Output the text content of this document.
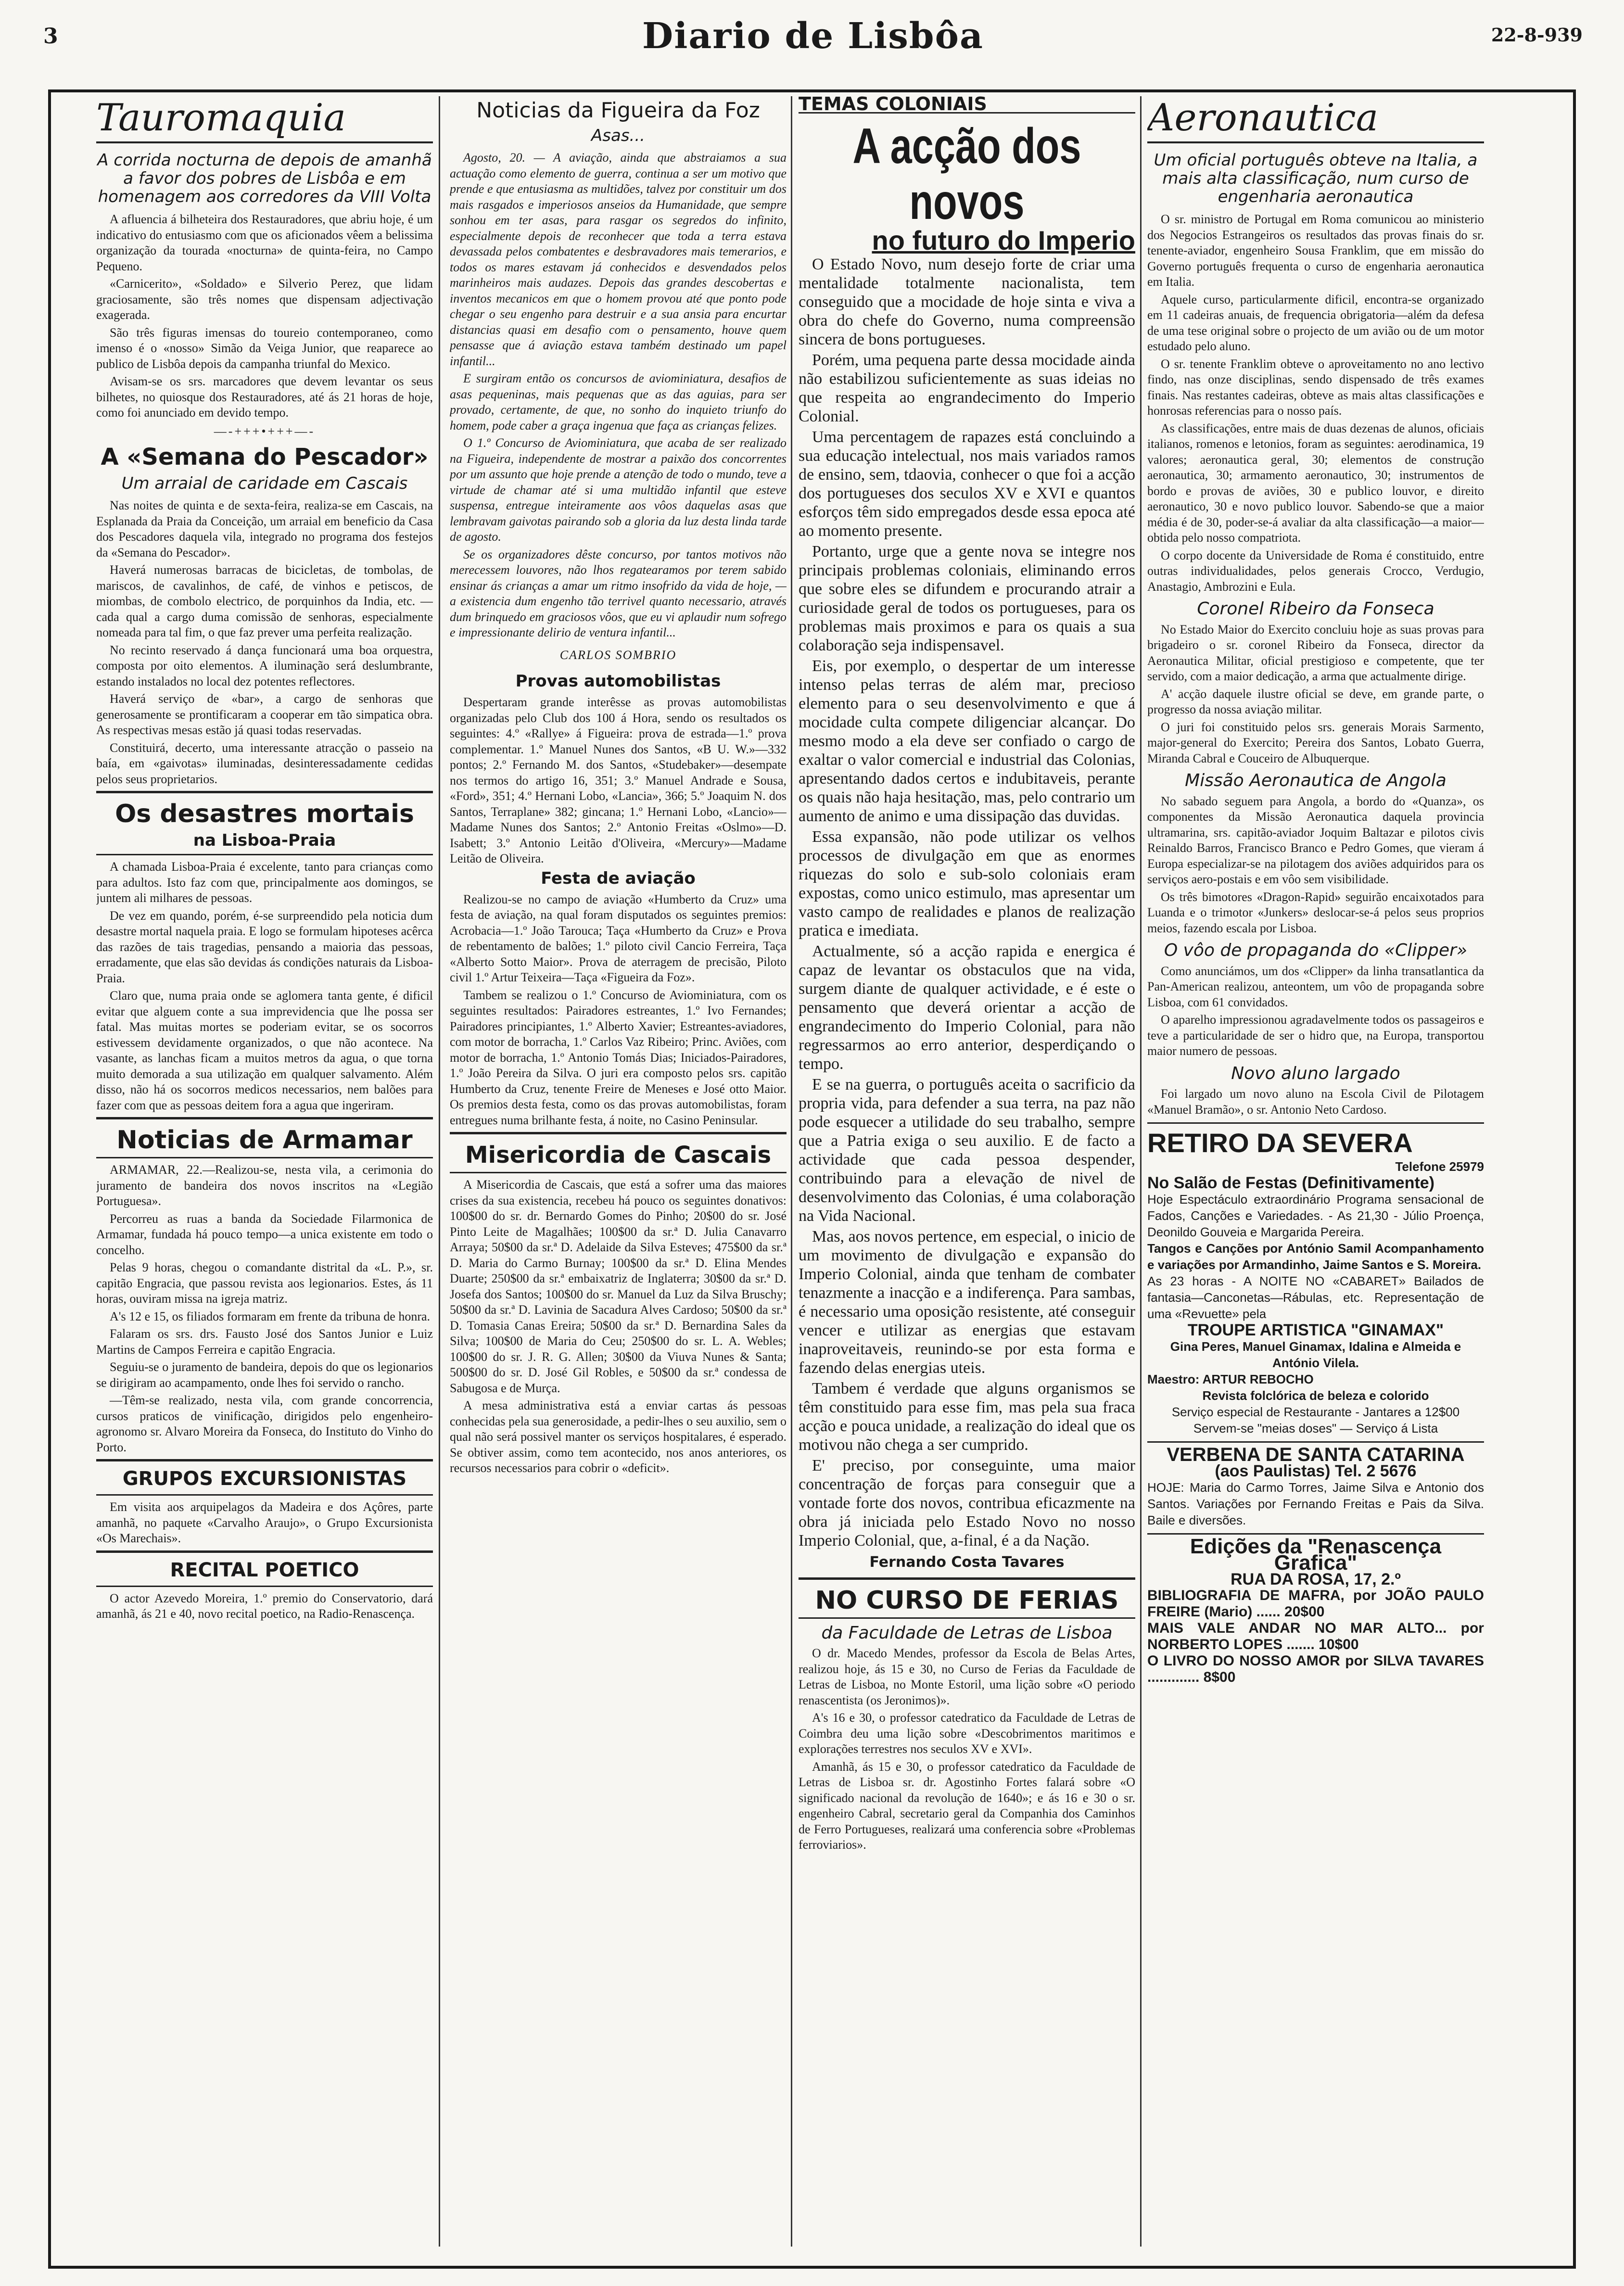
3	Diario de Lisbôa	22-8-939
Tauromaquia
A corrida nocturna de depois de amanhã a favor dos pobres de Lisbôa e em homenagem aos corredores da VIII Volta

A afluencia á bilheteira dos Restauradores, que abriu hoje, é um indicativo do entusiasmo com que os aficionados vêem a belissima organização da tourada «nocturna» de quinta-feira, no Campo Pequeno.

«Carnicerito», «Soldado» e Silverio Perez, que lidam graciosamente, são três nomes que dispensam adjectivação exagerada.

São três figuras imensas do toureio contemporaneo, como imenso é o «nosso» Simão da Veiga Junior, que reaparece ao publico de Lisbôa depois da campanha triunfal do Mexico.

Avisam-se os srs. marcadores que devem levantar os seus bilhetes, no quiosque dos Restauradores, até ás 21 horas de hoje, como foi anunciado em devido tempo.

—-+++•+++—-
A «Semana do Pescador»
Um arraial de caridade em Cascais

Nas noites de quinta e de sexta-feira, realiza-se em Cascais, na Esplanada da Praia da Conceição, um arraial em beneficio da Casa dos Pescadores daquela vila, integrado no programa dos festejos da «Semana do Pescador».

Haverá numerosas barracas de bicicletas, de tombolas, de mariscos, de cavalinhos, de café, de vinhos e petiscos, de miombas, de combolo electrico, de porquinhos da India, etc. — cada qual a cargo duma comissão de senhoras, especialmente nomeada para tal fim, o que faz prever uma perfeita realização.

No recinto reservado á dança funcionará uma boa orquestra, composta por oito elementos. A iluminação será deslumbrante, estando instalados no local dez potentes reflectores.

Haverá serviço de «bar», a cargo de senhoras que generosamente se prontificaram a cooperar em tão simpatica obra. As respectivas mesas estão já quasi todas reservadas.

Constituirá, decerto, uma interessante atracção o passeio na baía, em «gaivotas» iluminadas, desinteressadamente cedidas pelos seus proprietarios.

Os desastres mortais
na Lisboa-Praia

A chamada Lisboa-Praia é excelente, tanto para crianças como para adultos. Isto faz com que, principalmente aos domingos, se juntem ali milhares de pessoas.

De vez em quando, porém, é-se surpreendido pela noticia dum desastre mortal naquela praia. E logo se formulam hipoteses acêrca das razões de tais tragedias, pensando a maioria das pessoas, erradamente, que elas são devidas ás condições naturais da Lisboa-Praia.

Claro que, numa praia onde se aglomera tanta gente, é dificil evitar que alguem conte a sua imprevidencia que lhe possa ser fatal. Mas muitas mortes se poderiam evitar, se os socorros estivessem devidamente organizados, o que não acontece. Na vasante, as lanchas ficam a muitos metros da agua, o que torna muito demorada a sua utilização em qualquer salvamento. Além disso, não há os socorros medicos necessarios, nem balões para fazer com que as pessoas deitem fora a agua que ingeriram.

Noticias de Armamar

ARMAMAR, 22.—Realizou-se, nesta vila, a cerimonia do juramento de bandeira dos novos inscritos na «Legião Portuguesa».

Percorreu as ruas a banda da Sociedade Filarmonica de Armamar, fundada há pouco tempo—a unica existente em todo o concelho.

Pelas 9 horas, chegou o comandante distrital da «L. P.», sr. capitão Engracia, que passou revista aos legionarios. Estes, ás 11 horas, ouviram missa na igreja matriz.

A's 12 e 15, os filiados formaram em frente da tribuna de honra.

Falaram os srs. drs. Fausto José dos Santos Junior e Luiz Martins de Campos Ferreira e capitão Engracia.

Seguiu-se o juramento de bandeira, depois do que os legionarios se dirigiram ao acampamento, onde lhes foi servido o rancho.

—Têm-se realizado, nesta vila, com grande concorrencia, cursos praticos de vinificação, dirigidos pelo engenheiro-agronomo sr. Alvaro Moreira da Fonseca, do Instituto do Vinho do Porto.

GRUPOS EXCURSIONISTAS

Em visita aos arquipelagos da Madeira e dos Açôres, parte amanhã, no paquete «Carvalho Araujo», o Grupo Excursionista «Os Marechais».

RECITAL POETICO

O actor Azevedo Moreira, 1.º premio do Conservatorio, dará amanhã, ás 21 e 40, novo recital poetico, na Radio-Renascença.

Noticias da Figueira da Foz
Asas...

Agosto, 20. — A aviação, ainda que abstraiamos a sua actuação como elemento de guerra, continua a ser um motivo que prende e que entusiasma as multidões, talvez por constituir um dos mais rasgados e imperiosos anseios da Humanidade, que sempre sonhou em ter asas, para rasgar os segredos do infinito, especialmente depois de reconhecer que toda a terra estava devassada pelos combatentes e desbravadores mais temerarios, e todos os mares estavam já conhecidos e desvendados pelos marinheiros mais audazes. Depois das grandes descobertas e inventos mecanicos em que o homem provou até que ponto pode chegar o seu engenho para destruir e a sua ansia para encurtar distancias quasi em desafio com o pensamento, houve quem pensasse que á aviação estava também destinado um papel infantil...

E surgiram então os concursos de aviominiatura, desafios de asas pequeninas, mais pequenas que as das aguias, para ser provado, certamente, de que, no sonho do inquieto triunfo do homem, pode caber a graça ingenua que faça as crianças felizes.

O 1.º Concurso de Aviominiatura, que acaba de ser realizado na Figueira, independente de mostrar a paixão dos concorrentes por um assunto que hoje prende a atenção de todo o mundo, teve a virtude de chamar até si uma multidão infantil que esteve suspensa, entregue inteiramente aos vôos daquelas asas que lembravam gaivotas pairando sob a gloria da luz desta linda tarde de agosto.

Se os organizadores dêste concurso, por tantos motivos não merecessem louvores, não lhos regatearamos por terem sabido ensinar ás crianças a amar um ritmo insofrido da vida de hoje, —a existencia dum engenho tão terrivel quanto necessario, através dum brinquedo em graciosos vôos, que eu vi aplaudir num sofrego e impressionante delirio de ventura infantil...

CARLOS SOMBRIO
Provas automobilistas

Despertaram grande interêsse as provas automobilistas organizadas pelo Club dos 100 á Hora, sendo os resultados os seguintes: 4.º «Rallye» á Figueira: prova de estrada—1.º prova complementar. 1.º Manuel Nunes dos Santos, «B U. W.»—332 pontos; 2.º Fernando M. dos Santos, «Studebaker»—desempate nos termos do artigo 16, 351; 3.º Manuel Andrade e Sousa, «Ford», 351; 4.º Hernani Lobo, «Lancia», 366; 5.º Joaquim N. dos Santos, Terraplane» 382; gincana; 1.º Hernani Lobo, «Lancio»—Madame Nunes dos Santos; 2.º Antonio Freitas «Oslmo»—D. Isabett; 3.º Antonio Leitão d'Oliveira, «Mercury»—Madame Leitão de Oliveira.

Festa de aviação

Realizou-se no campo de aviação «Humberto da Cruz» uma festa de aviação, na qual foram disputados os seguintes premios: Acrobacia—1.º João Tarouca; Taça «Humberto da Cruz» e Prova de rebentamento de balões; 1.º piloto civil Cancio Ferreira, Taça «Alberto Sotto Maior». Prova de aterragem de precisão, Piloto civil 1.º Artur Teixeira—Taça «Figueira da Foz».

Tambem se realizou o 1.º Concurso de Aviominiatura, com os seguintes resultados: Pairadores estreantes, 1.º Ivo Fernandes; Pairadores principiantes, 1.º Alberto Xavier; Estreantes-aviadores, com motor de borracha, 1.º Carlos Vaz Ribeiro; Princ. Aviões, com motor de borracha, 1.º Antonio Tomás Dias; Iniciados-Pairadores, 1.º João Pereira da Silva. O juri era composto pelos srs. capitão Humberto da Cruz, tenente Freire de Meneses e José otto Maior. Os premios desta festa, como os das provas automobilistas, foram entregues numa brilhante festa, á noite, no Casino Peninsular.

Misericordia de Cascais

A Misericordia de Cascais, que está a sofrer uma das maiores crises da sua existencia, recebeu há pouco os seguintes donativos: 100$00 do sr. dr. Bernardo Gomes do Pinho; 20$00 do sr. José Pinto Leite de Magalhães; 100$00 da sr.ª D. Julia Canavarro Arraya; 50$00 da sr.ª D. Adelaide da Silva Esteves; 475$00 da sr.ª D. Maria do Carmo Burnay; 100$00 da sr.ª D. Elina Mendes Duarte; 250$00 da sr.ª embaixatriz de Inglaterra; 30$00 da sr.ª D. Josefa dos Santos; 100$00 do sr. Manuel da Luz da Silva Bruschy; 50$00 da sr.ª D. Lavinia de Sacadura Alves Cardoso; 50$00 da sr.ª D. Tomasia Canas Ereira; 50$00 da sr.ª D. Bernardina Sales da Silva; 100$00 de Maria do Ceu; 250$00 do sr. L. A. Webles; 100$00 do sr. J. R. G. Allen; 30$00 da Viuva Nunes & Santa; 500$00 do sr. D. José Gil Robles, e 50$00 da sr.ª condessa de Sabugosa e de Murça.

A mesa administrativa está a enviar cartas ás pessoas conhecidas pela sua generosidade, a pedir-lhes o seu auxilio, sem o qual não será possivel manter os serviços hospitalares, é esperado. Se obtiver assim, como tem acontecido, nos anos anteriores, os recursos necessarios para cobrir o «deficit».

TEMAS COLONIAIS
A acção dos novos
no futuro do Imperio

O Estado Novo, num desejo forte de criar uma mentalidade totalmente nacionalista, tem conseguido que a mocidade de hoje sinta e viva a obra do chefe do Governo, numa compreensão sincera de bons portugueses.

Porém, uma pequena parte dessa mocidade ainda não estabilizou suficientemente as suas ideias no que respeita ao engrandecimento do Imperio Colonial.

Uma percentagem de rapazes está concluindo a sua educação intelectual, nos mais variados ramos de ensino, sem, tdaovia, conhecer o que foi a acção dos portugueses dos seculos XV e XVI e quantos esforços têm sido empregados desde essa epoca até ao momento presente.

Portanto, urge que a gente nova se integre nos principais problemas coloniais, eliminando erros que sobre eles se difundem e procurando atrair a curiosidade geral de todos os portugueses, para os problemas mais proximos e para os quais a sua colaboração seja indispensavel.

Eis, por exemplo, o despertar de um interesse intenso pelas terras de além mar, precioso elemento para o seu desenvolvimento e que á mocidade culta compete diligenciar alcançar. Do mesmo modo a ela deve ser confiado o cargo de exaltar o valor comercial e industrial das Colonias, apresentando dados certos e indubitaveis, perante os quais não haja hesitação, mas, pelo contrario um aumento de animo e uma dissipação das duvidas.

Essa expansão, não pode utilizar os velhos processos de divulgação em que as enormes riquezas do solo e sub-solo coloniais eram expostas, como unico estimulo, mas apresentar um vasto campo de realidades e planos de realização pratica e imediata.

Actualmente, só a acção rapida e energica é capaz de levantar os obstaculos que na vida, surgem diante de qualquer actividade, e é este o pensamento que deverá orientar a acção de engrandecimento do Imperio Colonial, para não regressarmos ao erro anterior, desperdiçando o tempo.

E se na guerra, o português aceita o sacrificio da propria vida, para defender a sua terra, na paz não pode esquecer a utilidade do seu trabalho, sempre que a Patria exiga o seu auxilio. E de facto a actividade que cada pessoa despender, contribuindo para a elevação de nivel de desenvolvimento das Colonias, é uma colaboração na Vida Nacional.

Mas, aos novos pertence, em especial, o inicio de um movimento de divulgação e expansão do Imperio Colonial, ainda que tenham de combater tenazmente a inacção e a indiferença. Para sambas, é necessario uma oposição resistente, até conseguir vencer e utilizar as energias que estavam inaproveitaveis, reunindo-se por esta forma e fazendo delas energias uteis.

Tambem é verdade que alguns organismos se têm constituido para esse fim, mas pela sua fraca acção e pouca unidade, a realização do ideal que os motivou não chega a ser cumprido.

E' preciso, por conseguinte, uma maior concentração de forças para conseguir que a vontade forte dos novos, contribua eficazmente na obra já iniciada pelo Estado Novo no nosso Imperio Colonial, que, a-final, é a da Nação.

Fernando Costa Tavares
NO CURSO DE FERIAS
da Faculdade de Letras de Lisboa

O dr. Macedo Mendes, professor da Escola de Belas Artes, realizou hoje, ás 15 e 30, no Curso de Ferias da Faculdade de Letras de Lisboa, no Monte Estoril, uma lição sobre «O periodo renascentista (os Jeronimos)».

A's 16 e 30, o professor catedratico da Faculdade de Letras de Coimbra deu uma lição sobre «Descobrimentos maritimos e explorações terrestres nos seculos XV e XVI».

Amanhã, ás 15 e 30, o professor catedratico da Faculdade de Letras de Lisboa sr. dr. Agostinho Fortes falará sobre «O significado nacional da revolução de 1640»; e ás 16 e 30 o sr. engenheiro Cabral, secretario geral da Companhia dos Caminhos de Ferro Portugueses, realizará uma conferencia sobre «Problemas ferroviarios».

Aeronautica
Um oficial português obteve na Italia, a mais alta classificação, num curso de engenharia aeronautica

O sr. ministro de Portugal em Roma comunicou ao ministerio dos Negocios Estrangeiros os resultados das provas finais do sr. tenente-aviador, engenheiro Sousa Franklim, que em missão do Governo português frequenta o curso de engenharia aeronautica em Italia.

Aquele curso, particularmente dificil, encontra-se organizado em 11 cadeiras anuais, de frequencia obrigatoria—além da defesa de uma tese original sobre o projecto de um avião ou de um motor estudado pelo aluno.

O sr. tenente Franklim obteve o aproveitamento no ano lectivo findo, nas onze disciplinas, sendo dispensado de três exames finais. Nas restantes cadeiras, obteve as mais altas classificações e honrosas referencias para o nosso país.

As classificações, entre mais de duas dezenas de alunos, oficiais italianos, romenos e letonios, foram as seguintes: aerodinamica, 19 valores; aeronautica geral, 30; elementos de construção aeronautica, 30; armamento aeronautico, 30; instrumentos de bordo e provas de aviões, 30 e publico louvor, e direito aeronautico, 30 e novo publico louvor. Sabendo-se que a maior média é de 30, poder-se-á avaliar da alta classificação—a maior—obtida pelo nosso compatriota.

O corpo docente da Universidade de Roma é constituido, entre outras individualidades, pelos generais Crocco, Verdugio, Anastagio, Ambrozini e Eula.

Coronel Ribeiro da Fonseca

No Estado Maior do Exercito concluiu hoje as suas provas para brigadeiro o sr. coronel Ribeiro da Fonseca, director da Aeronautica Militar, oficial prestigioso e competente, que ter servido, com a maior dedicação, a arma que actualmente dirige.

A' acção daquele ilustre oficial se deve, em grande parte, o progresso da nossa aviação militar.

O juri foi constituido pelos srs. generais Morais Sarmento, major-general do Exercito; Pereira dos Santos, Lobato Guerra, Miranda Cabral e Couceiro de Albuquerque.

Missão Aeronautica de Angola

No sabado seguem para Angola, a bordo do «Quanza», os componentes da Missão Aeronautica daquela provincia ultramarina, srs. capitão-aviador Joquim Baltazar e pilotos civis Reinaldo Barros, Francisco Branco e Pedro Gomes, que vieram á Europa especializar-se na pilotagem dos aviões adquiridos para os serviços aero-postais e em vôo sem visibilidade.

Os três bimotores «Dragon-Rapid» seguirão encaixotados para Luanda e o trimotor «Junkers» deslocar-se-á pelos seus proprios meios, fazendo escala por Lisboa.

O vôo de propaganda do «Clipper»

Como anunciámos, um dos «Clipper» da linha transatlantica da Pan-American realizou, anteontem, um vôo de propaganda sobre Lisboa, com 61 convidados.

O aparelho impressionou agradavelmente todos os passageiros e teve a particularidade de ser o hidro que, na Europa, transportou maior numero de pessoas.

Novo aluno largado

Foi largado um novo aluno na Escola Civil de Pilotagem «Manuel Bramão», o sr. Antonio Neto Cardoso.

RETIRO DA SEVERA
Telefone 25979
No Salão de Festas (Definitivamente)
Hoje Espectáculo extraordinário Programa sensacional de Fados, Canções e Variedades. - As 21,30 - Júlio Proença, Deonildo Gouveia e Margarida Pereira.
Tangos e Canções por António Samil Acompanhamento e variações por Armandinho, Jaime Santos e S. Moreira.
As 23 horas - A NOITE NO «CABARET» Bailados de fantasia—Canconetas—Rábulas, etc. Representação de uma «Revuette» pela
TROUPE ARTISTICA "GINAMAX"
Gina Peres, Manuel Ginamax, Idalina e Almeida e António Vilela.
Maestro: ARTUR REBOCHO
Revista folclórica de beleza e colorido
Serviço especial de Restaurante - Jantares a 12$00 Servem-se "meias doses" — Serviço á Lista
VERBENA DE SANTA CATARINA
(aos Paulistas) Tel. 2 5676
HOJE: Maria do Carmo Torres, Jaime Silva e Antonio dos Santos. Variações por Fernando Freitas e Pais da Silva. Baile e diversões.
Edições da "Renascença Grafica"
RUA DA ROSA, 17, 2.º
BIBLIOGRAFIA DE MAFRA, por JOÃO PAULO FREIRE (Mario) ...... 20$00
MAIS VALE ANDAR NO MAR ALTO... por NORBERTO LOPES ....... 10$00
O LIVRO DO NOSSO AMOR por SILVA TAVARES ............. 8$00
